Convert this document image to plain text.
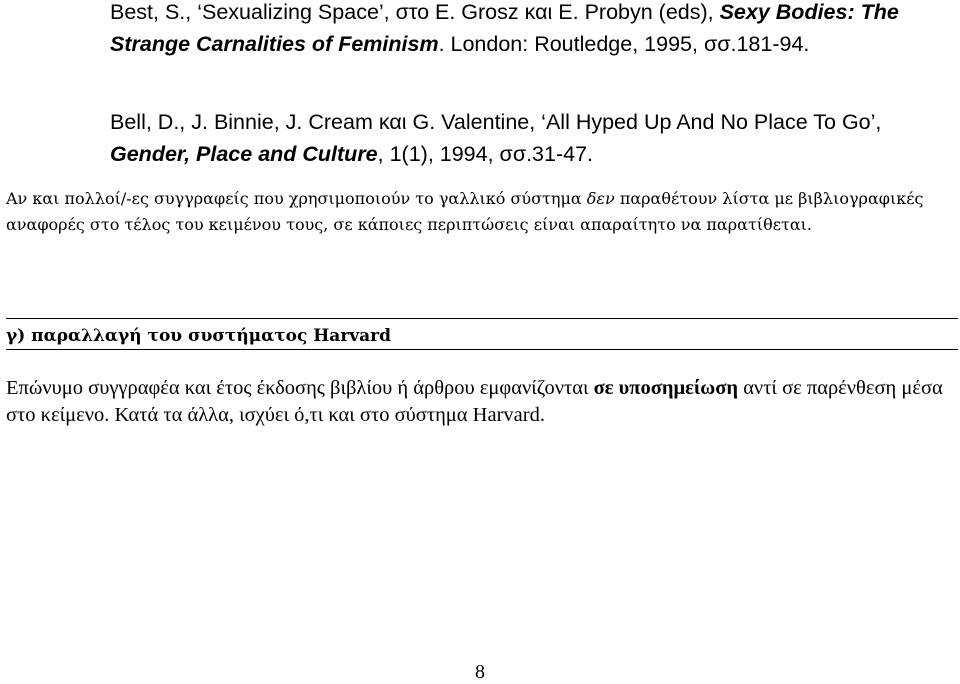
Best, S., ‘Sexualizing Space’, στο E. Grosz και E. Probyn (eds), Sexy Bodies: The Strange Carnalities of Feminism. London: Routledge, 1995, σσ.181-94.
Bell, D., J. Binnie, J. Cream και G. Valentine, ‘All Hyped Up And No Place To Go’, Gender, Place and Culture, 1(1), 1994, σσ.31-47.
Αν και πολλοί/-ες συγγραφείς που χρησιμοποιούν το γαλλικό σύστημα δεν παραθέτουν λίστα με βιβλιογραφικές αναφορές στο τέλος του κειμένου τους, σε κάποιες περιπτώσεις είναι απαραίτητο να παρατίθεται.
γ) παραλλαγή του συστήματος Harvard
Επώνυμο συγγραφέα και έτος έκδοσης βιβλίου ή άρθρου εμφανίζονται σε υποσημείωση αντί σε παρένθεση μέσα στο κείμενο. Κατά τα άλλα, ισχύει ό,τι και στο σύστημα Harvard.
8
